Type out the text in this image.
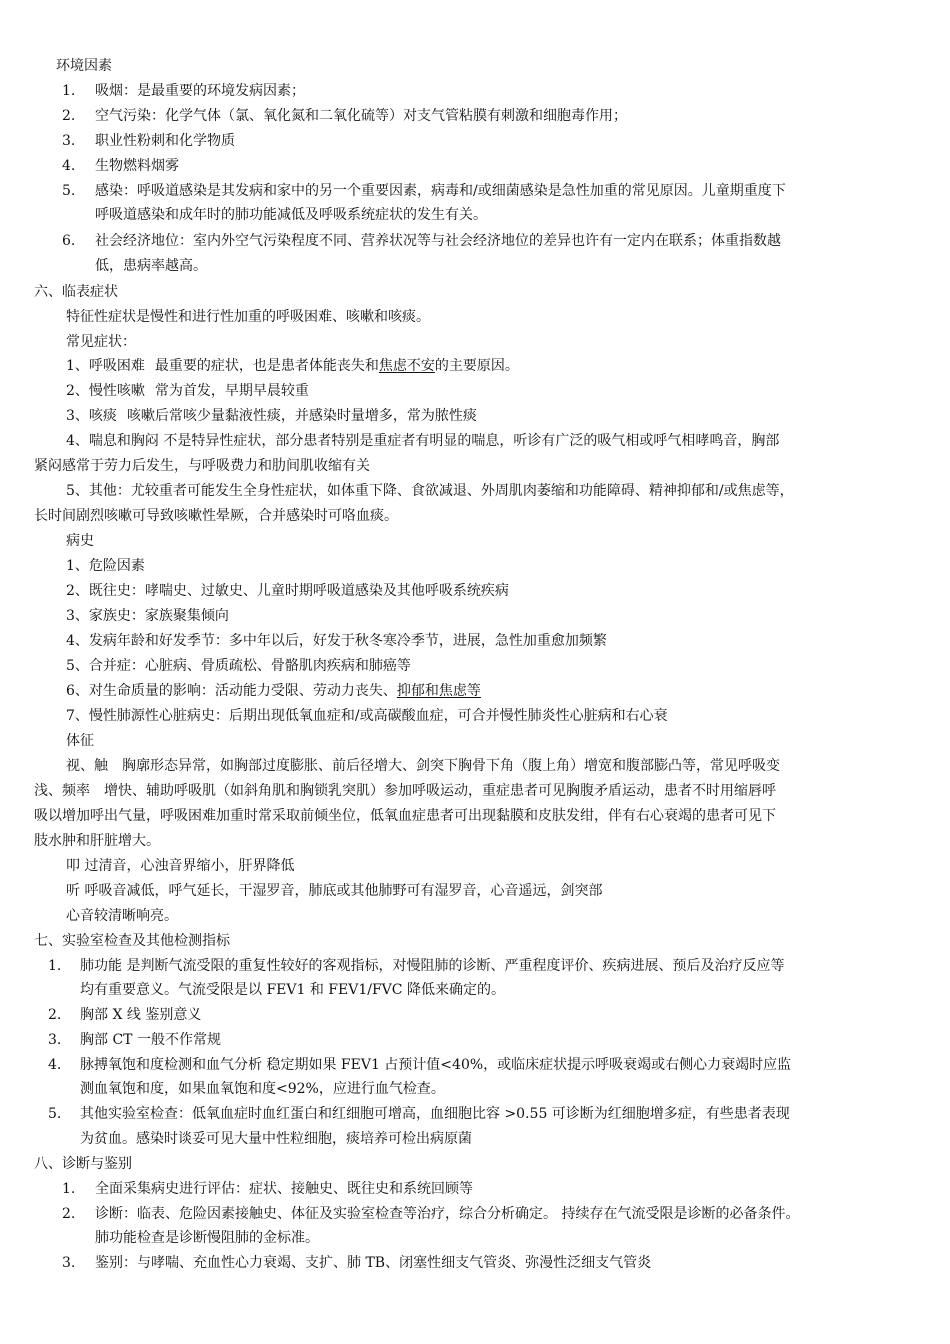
环境因素
1. 吸烟：是最重要的环境发病因素；
2. 空气污染：化学气体（氯、氧化氮和二氧化硫等）对支气管粘膜有刺激和细胞毒作用；
3. 职业性粉刺和化学物质
4. 生物燃料烟雾
5. 感染：呼吸道感染是其发病和家中的另一个重要因素，病毒和/或细菌感染是急性加重的常见原因。儿童期重度下
呼吸道感染和成年时的肺功能减低及呼吸系统症状的发生有关。
6. 社会经济地位：室内外空气污染程度不同、营养状况等与社会经济地位的差异也许有一定内在联系；体重指数越
低，患病率越高。
六、临表症状
特征性症状是慢性和进行性加重的呼吸困难、咳嗽和咳痰。
常见症状：
1、呼吸困难 最重要的症状，也是患者体能丧失和焦虑不安的主要原因。
2、慢性咳嗽 常为首发，早期早晨较重
3、咳痰 咳嗽后常咳少量黏液性痰，并感染时量增多，常为脓性痰
4、喘息和胸闷 不是特异性症状，部分患者特别是重症者有明显的喘息，听诊有广泛的吸气相或呼气相哮鸣音，胸部
紧闷感常于劳力后发生，与呼吸费力和肋间肌收缩有关
5、其他：尤较重者可能发生全身性症状，如体重下降、食欲减退、外周肌肉萎缩和功能障碍、精神抑郁和/或焦虑等，
长时间剧烈咳嗽可导致咳嗽性晕厥，合并感染时可咯血痰。
病史
1、危险因素
2、既往史：哮喘史、过敏史、儿童时期呼吸道感染及其他呼吸系统疾病
3、家族史：家族聚集倾向
4、发病年龄和好发季节：多中年以后，好发于秋冬寒冷季节，进展，急性加重愈加频繁
5、合并症：心脏病、骨质疏松、骨骼肌肉疾病和肺癌等
6、对生命质量的影响：活动能力受限、劳动力丧失、抑郁和焦虑等
7、慢性肺源性心脏病史：后期出现低氧血症和/或高碳酸血症，可合并慢性肺炎性心脏病和右心衰
体征
视、触　胸廓形态异常，如胸部过度膨胀、前后径增大、剑突下胸骨下角（腹上角）增宽和腹部膨凸等，常见呼吸变
浅、频率　增快、辅助呼吸肌（如斜角肌和胸锁乳突肌）参加呼吸运动，重症患者可见胸腹矛盾运动，患者不时用缩唇呼
吸以增加呼出气量，呼吸困难加重时常采取前倾坐位，低氧血症患者可出现黏膜和皮肤发绀，伴有右心衰竭的患者可见下
肢水肿和肝脏增大。
叩 过清音，心浊音界缩小，肝界降低
听 呼吸音减低，呼气延长，干湿罗音，肺底或其他肺野可有湿罗音，心音遥远，剑突部
心音较清晰响亮。
七、实验室检查及其他检测指标
1. 肺功能 是判断气流受限的重复性较好的客观指标，对慢阻肺的诊断、严重程度评价、疾病进展、预后及治疗反应等
均有重要意义。气流受限是以 FEV1 和 FEV1/FVC 降低来确定的。
2. 胸部 X 线 鉴别意义
3. 胸部 CT 一般不作常规
4. 脉搏氧饱和度检测和血气分析 稳定期如果 FEV1 占预计值<40%，或临床症状提示呼吸衰竭或右侧心力衰竭时应监
测血氧饱和度，如果血氧饱和度<92%，应进行血气检查。
5. 其他实验室检查：低氧血症时血红蛋白和红细胞可增高，血细胞比容 >0.55 可诊断为红细胞增多症，有些患者表现
为贫血。感染时谈妥可见大量中性粒细胞，痰培养可检出病原菌
八、诊断与鉴别
1. 全面采集病史进行评估：症状、接触史、既往史和系统回顾等
2. 诊断：临表、危险因素接触史、体征及实验室检查等治疗，综合分析确定。 持续存在气流受限是诊断的必备条件。
肺功能检查是诊断慢阻肺的金标准。
3. 鉴别：与哮喘、充血性心力衰竭、支扩、肺 TB、闭塞性细支气管炎、弥漫性泛细支气管炎
